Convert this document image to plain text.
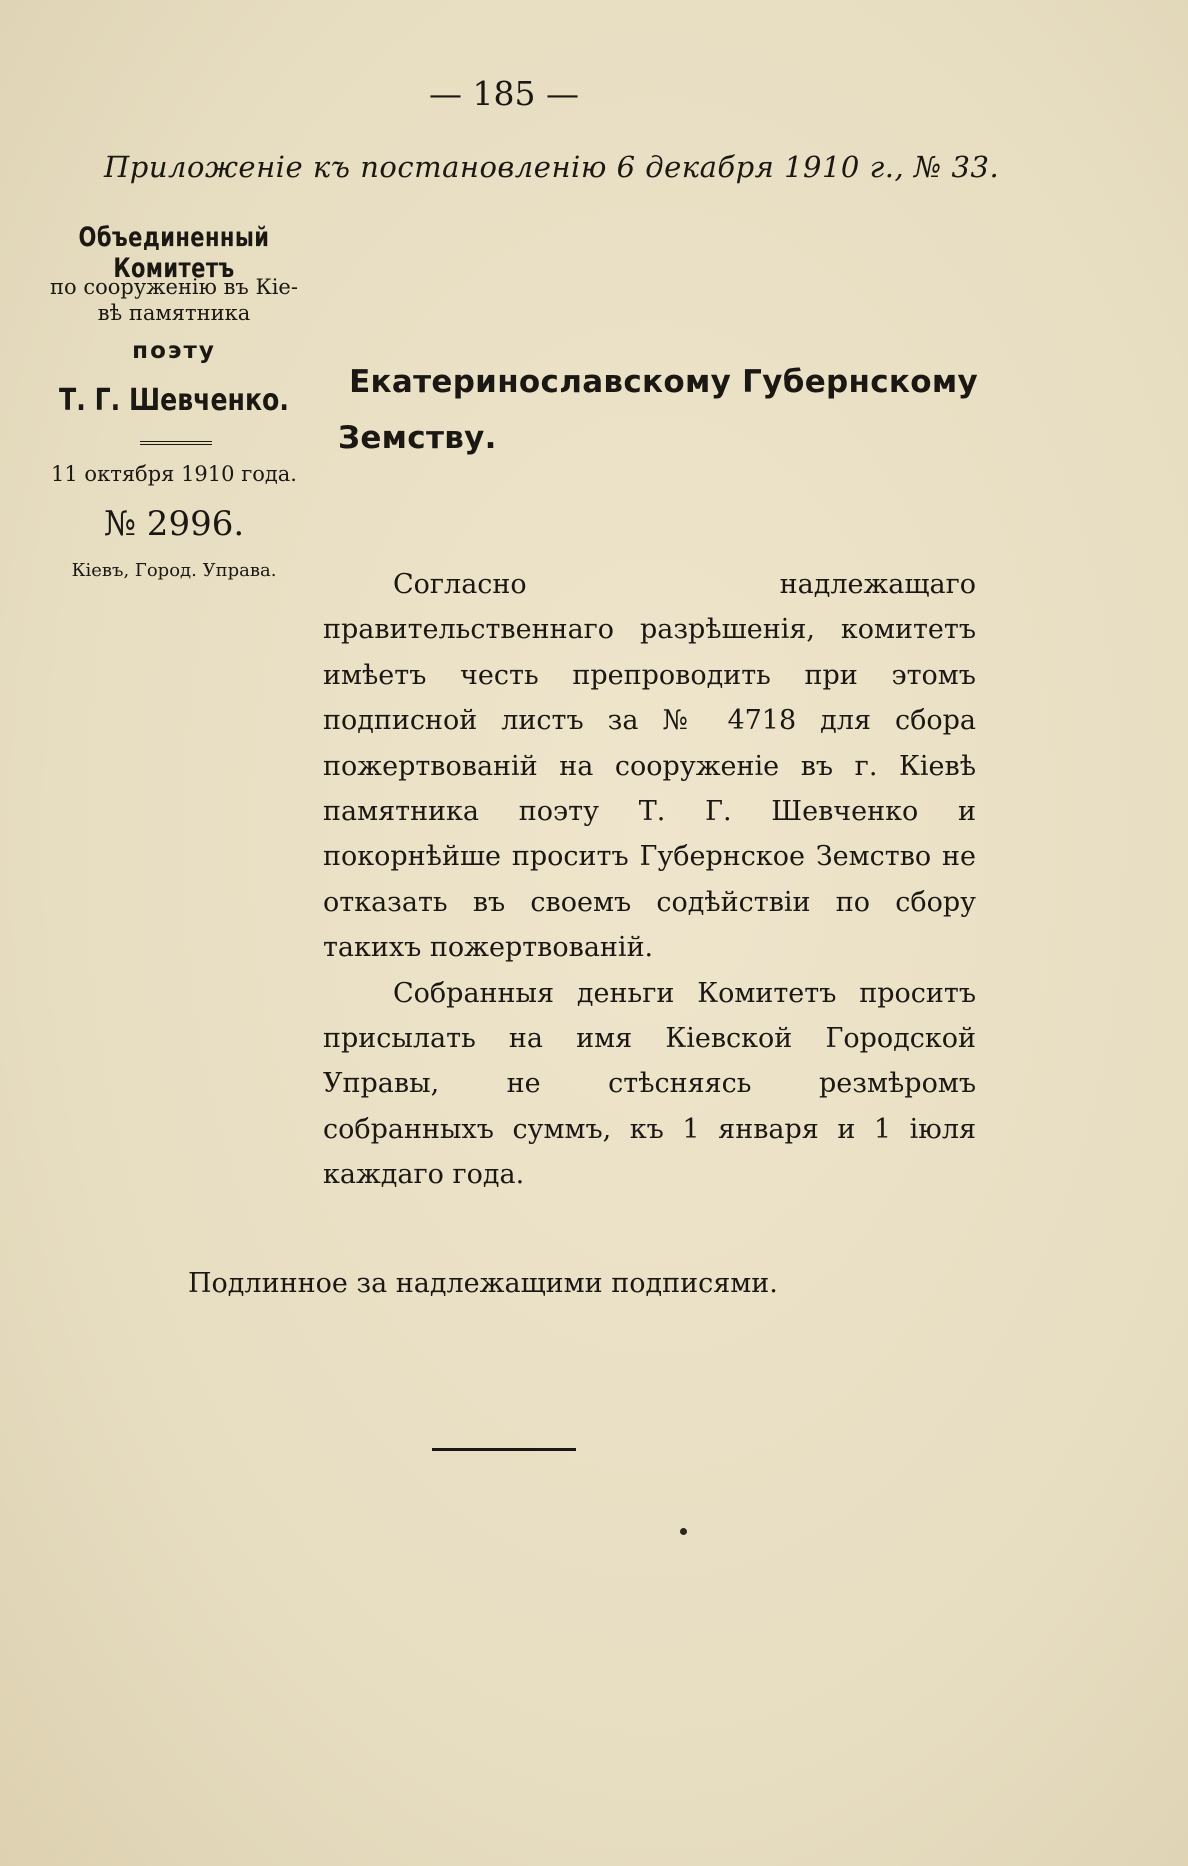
— 185 —
Приложеніе къ постановленію 6 декабря 1910 г., № 33.
Объединенный Комитетъ
по сооруженію въ Кіе-
вѣ памятника
поэту
Т. Г. Шевченко.
11 октября 1910 года.
№ 2996.
Кіевъ, Город. Управа.
Екатеринославскому Губернскому
Земству.

Согласно надлежащаго правительственнаго разрѣшенія, комитетъ имѣетъ честь препроводить при этомъ подписной листъ за № 4718 для сбора пожертвованій на сооруженіе въ г. Кіевѣ памятника поэту Т. Г. Шевченко и покорнѣйше проситъ Губернское Земство не отказать въ своемъ содѣйствіи по сбору такихъ пожертвованій.

Собранныя деньги Комитетъ проситъ присылать на имя Кіевской Городской Управы, не стѣсняясь резмѣромъ собранныхъ суммъ, къ 1 января и 1 іюля каждаго года.

Подлинное за надлежащими подписями.
